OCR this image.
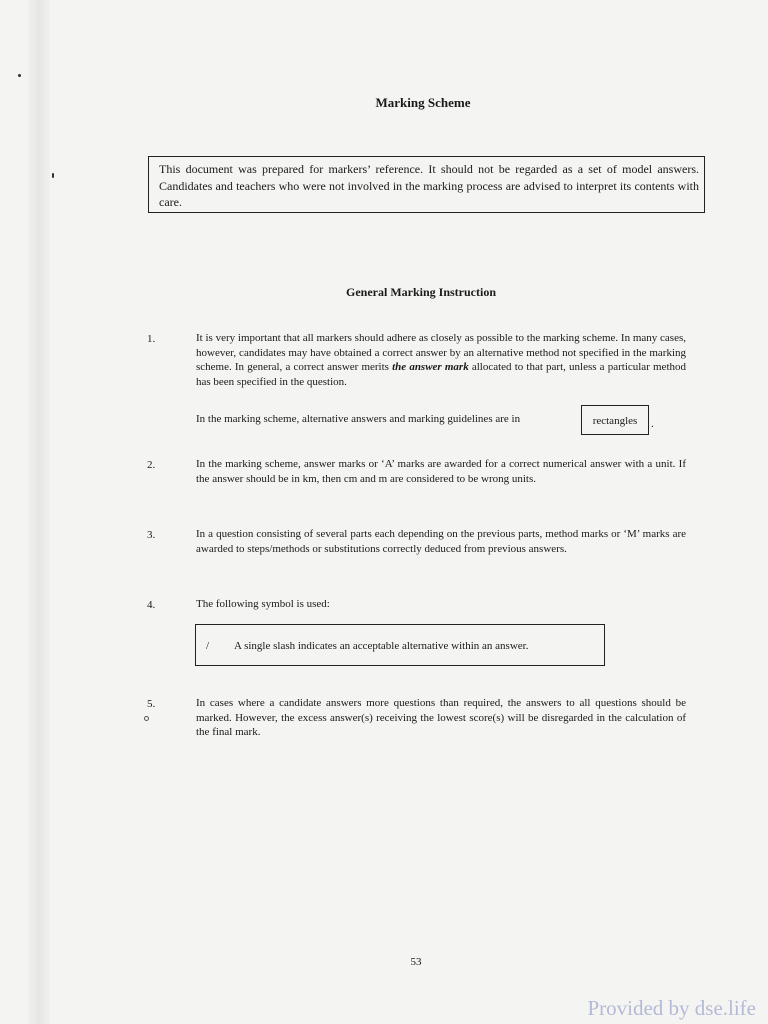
Marking Scheme
This document was prepared for markers’ reference. It should not be regarded as a set of model answers. Candidates and teachers who were not involved in the marking process are advised to interpret its contents with care.
General Marking Instruction
1.	It is very important that all markers should adhere as closely as possible to the marking scheme. In many cases, however, candidates may have obtained a correct answer by an alternative method not specified in the marking scheme. In general, a correct answer merits the answer mark allocated to that part, unless a particular method has been specified in the question.
In the marking scheme, alternative answers and marking guidelines are in	rectangles	.
2.	In the marking scheme, answer marks or ‘A’ marks are awarded for a correct numerical answer with a unit. If the answer should be in km, then cm and m are considered to be wrong units.
3.	In a question consisting of several parts each depending on the previous parts, method marks or ‘M’ marks are awarded to steps/methods or substitutions correctly deduced from previous answers.
4.	The following symbol is used:
/ A single slash indicates an acceptable alternative within an answer.
5.	In cases where a candidate answers more questions than required, the answers to all questions should be marked. However, the excess answer(s) receiving the lowest score(s) will be disregarded in the calculation of the final mark.
53
Provided by dse.life
